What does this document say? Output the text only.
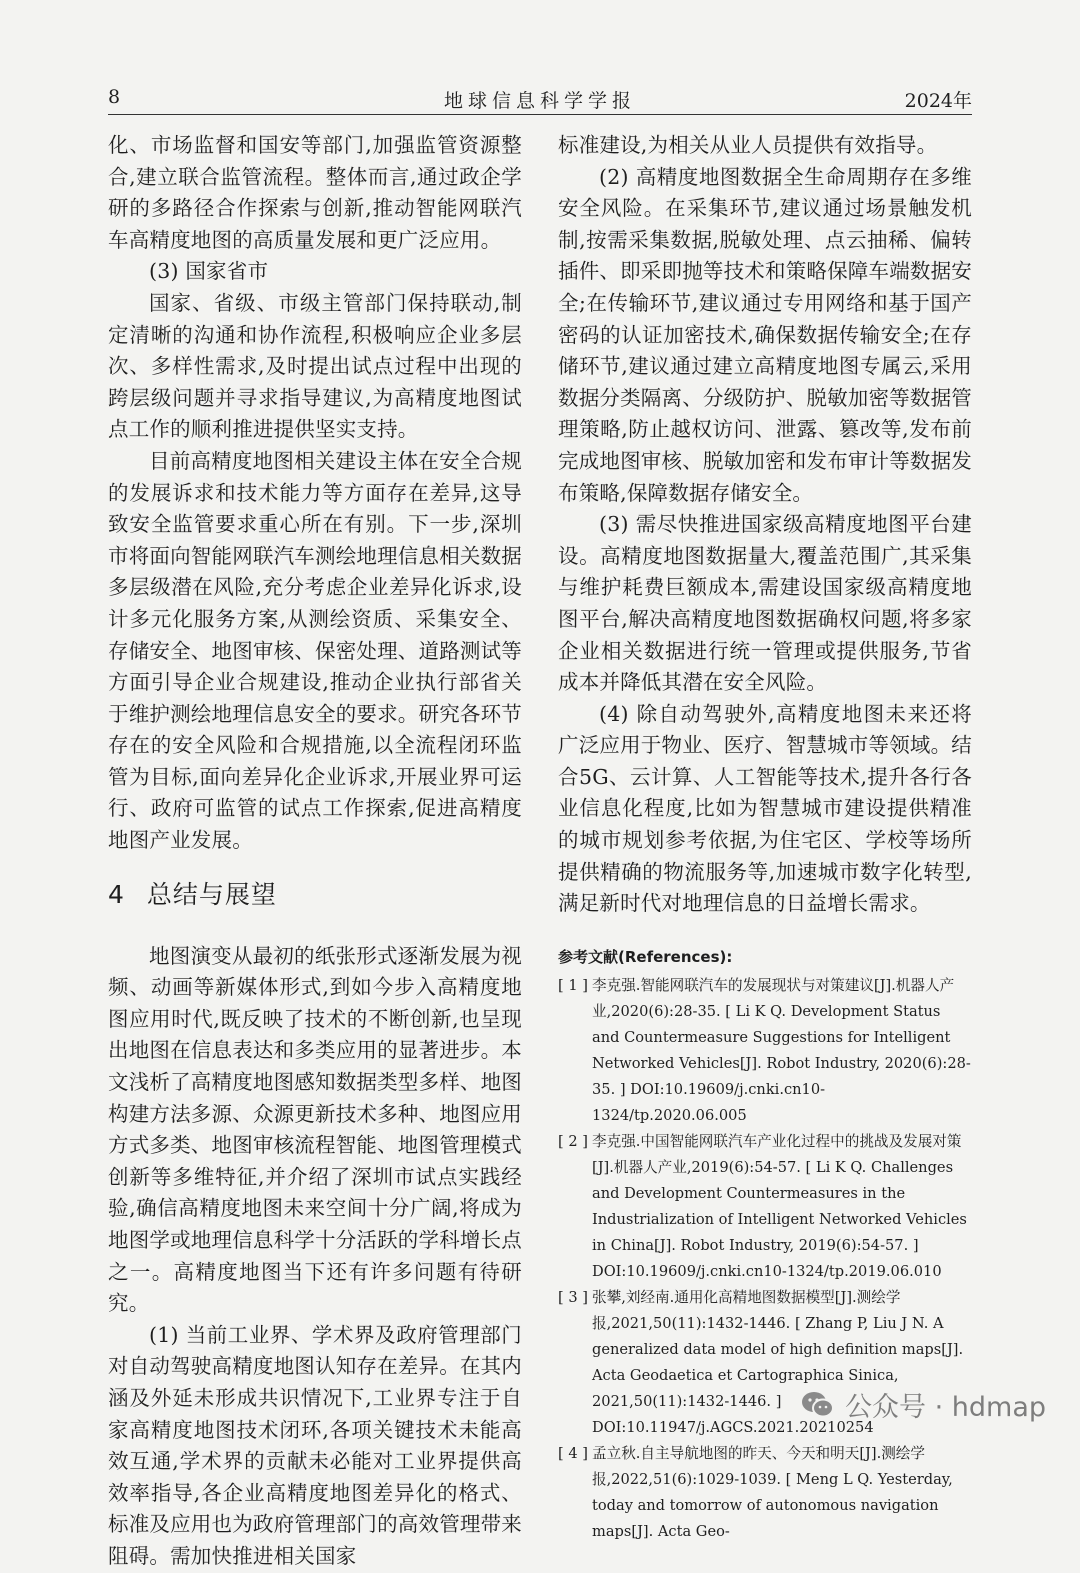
8	地球信息科学学报	2024年

化、市场监督和国安等部门,加强监管资源整合,建立联合监管流程。整体而言,通过政企学研的多路径合作探索与创新,推动智能网联汽车高精度地图的高质量发展和更广泛应用。

(3) 国家省市

国家、省级、市级主管部门保持联动,制定清晰的沟通和协作流程,积极响应企业多层次、多样性需求,及时提出试点过程中出现的跨层级问题并寻求指导建议,为高精度地图试点工作的顺利推进提供坚实支持。

目前高精度地图相关建设主体在安全合规的发展诉求和技术能力等方面存在差异,这导致安全监管要求重心所在有别。下一步,深圳市将面向智能网联汽车测绘地理信息相关数据多层级潜在风险,充分考虑企业差异化诉求,设计多元化服务方案,从测绘资质、采集安全、存储安全、地图审核、保密处理、道路测试等方面引导企业合规建设,推动企业执行部省关于维护测绘地理信息安全的要求。研究各环节存在的安全风险和合规措施,以全流程闭环监管为目标,面向差异化企业诉求,开展业界可运行、政府可监管的试点工作探索,促进高精度地图产业发展。

4 总结与展望

地图演变从最初的纸张形式逐渐发展为视频、动画等新媒体形式,到如今步入高精度地图应用时代,既反映了技术的不断创新,也呈现出地图在信息表达和多类应用的显著进步。本文浅析了高精度地图感知数据类型多样、地图构建方法多源、众源更新技术多种、地图应用方式多类、地图审核流程智能、地图管理模式创新等多维特征,并介绍了深圳市试点实践经验,确信高精度地图未来空间十分广阔,将成为地图学或地理信息科学十分活跃的学科增长点之一。高精度地图当下还有许多问题有待研究。

(1) 当前工业界、学术界及政府管理部门对自动驾驶高精度地图认知存在差异。在其内涵及外延未形成共识情况下,工业界专注于自家高精度地图技术闭环,各项关键技术未能高效互通,学术界的贡献未必能对工业界提供高效率指导,各企业高精度地图差异化的格式、标准及应用也为政府管理部门的高效管理带来阻碍。需加快推进相关国家

标准建设,为相关从业人员提供有效指导。

(2) 高精度地图数据全生命周期存在多维安全风险。在采集环节,建议通过场景触发机制,按需采集数据,脱敏处理、点云抽稀、偏转插件、即采即抛等技术和策略保障车端数据安全;在传输环节,建议通过专用网络和基于国产密码的认证加密技术,确保数据传输安全;在存储环节,建议通过建立高精度地图专属云,采用数据分类隔离、分级防护、脱敏加密等数据管理策略,防止越权访问、泄露、篡改等,发布前完成地图审核、脱敏加密和发布审计等数据发布策略,保障数据存储安全。

(3) 需尽快推进国家级高精度地图平台建设。高精度地图数据量大,覆盖范围广,其采集与维护耗费巨额成本,需建设国家级高精度地图平台,解决高精度地图数据确权问题,将多家企业相关数据进行统一管理或提供服务,节省成本并降低其潜在安全风险。

(4) 除自动驾驶外,高精度地图未来还将广泛应用于物业、医疗、智慧城市等领域。结合5G、云计算、人工智能等技术,提升各行各业信息化程度,比如为智慧城市建设提供精准的城市规划参考依据,为住宅区、学校等场所提供精确的物流服务等,加速城市数字化转型,满足新时代对地理信息的日益增长需求。

参考文献(References):

[ 1 ] 李克强.智能网联汽车的发展现状与对策建议[J].机器人产业,2020(6):28-35. [ Li K Q. Development Status and Countermeasure Suggestions for Intelligent Networked Vehicles[J]. Robot Industry, 2020(6):28-35. ] DOI:10.19609/j.cnki.cn10-1324/tp.2020.06.005

[ 2 ] 李克强.中国智能网联汽车产业化过程中的挑战及发展对策[J].机器人产业,2019(6):54-57. [ Li K Q. Challenges and Development Countermeasures in the Industrialization of Intelligent Networked Vehicles in China[J]. Robot Industry, 2019(6):54-57. ] DOI:10.19609/j.cnki.cn10-1324/tp.2019.06.010

[ 3 ] 张攀,刘经南.通用化高精地图数据模型[J].测绘学报,2021,50(11):1432-1446. [ Zhang P, Liu J N. A generalized data model of high definition maps[J]. Acta Geodaetica et Cartographica Sinica, 2021,50(11):1432-1446. ] DOI:10.11947/j.AGCS.2021.20210254

[ 4 ] 孟立秋.自主导航地图的昨天、今天和明天[J].测绘学报,2022,51(6):1029-1039. [ Meng L Q. Yesterday, today and tomorrow of autonomous navigation maps[J]. Acta Geo-

公众号 · hdmap
